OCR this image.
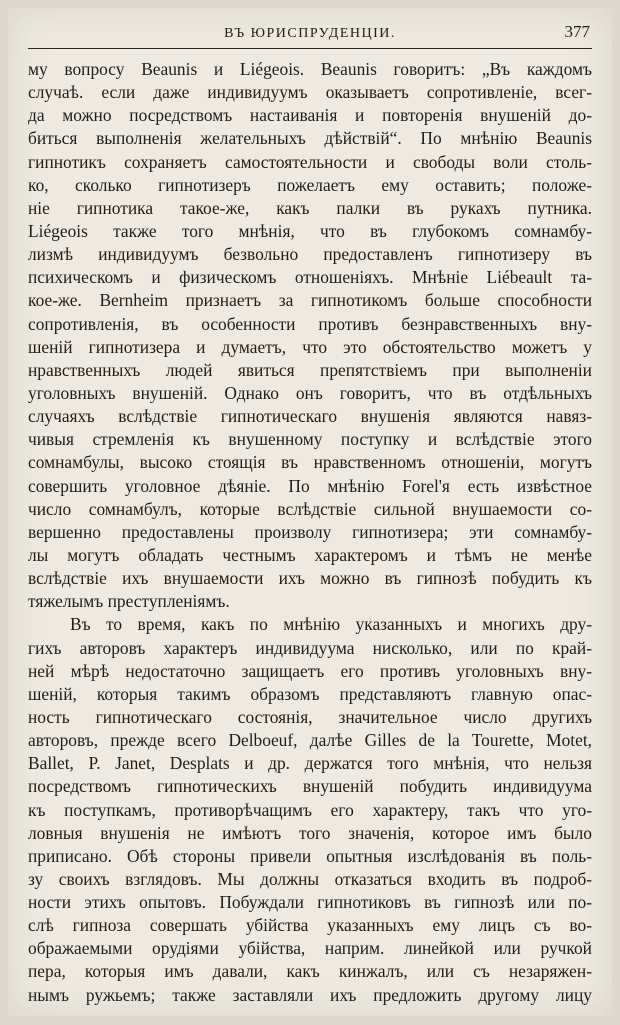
ВЪ ЮРИСПРУДЕНЦІИ.	377
му вопросу Beaunis и Liégeois. Beaunis говоритъ: „Въ каждомъ
случаѣ. если даже индивидуумъ оказываетъ сопротивленіе, всег-
да можно посредствомъ настаиванія и повторенія внушеній до-
биться выполненія желательныхъ дѣйствій“. По мнѣнію Beaunis
гипнотикъ сохраняетъ самостоятельности и свободы воли столь-
ко, сколько гипнотизеръ пожелаетъ ему оставить; положе-
ніе гипнотика такое-же, какъ палки въ рукахъ путника.
Liégeois также того мнѣнія, что въ глубокомъ сомнамбу-
лизмѣ индивидуумъ безвольно предоставленъ гипнотизеру въ
психическомъ и физическомъ отношеніяхъ. Мнѣніе Liébeault та-
кое-же. Bernheim признаетъ за гипнотикомъ больше способности
сопротивленія, въ особенности противъ безнравственныхъ вну-
шеній гипнотизера и думаетъ, что это обстоятельство можетъ у
нравственныхъ людей явиться препятствіемъ при выполненіи
уголовныхъ внушеній. Однако онъ говоритъ, что въ отдѣльныхъ
случаяхъ вслѣдствіе гипнотическаго внушенія являются навяз-
чивыя стремленія къ внушенному поступку и вслѣдствіе этого
сомнамбулы, высоко стоящія въ нравственномъ отношеніи, могутъ
совершить уголовное дѣяніе. По мнѣнію Forel'я есть извѣстное
число сомнамбулъ, которые вслѣдствіе сильной внушаемости со-
вершенно предоставлены произволу гипнотизера; эти сомнамбу-
лы могутъ обладать честнымъ характеромъ и тѣмъ не менѣе
вслѣдствіе ихъ внушаемости ихъ можно въ гипнозѣ побудить къ
тяжелымъ преступленіямъ.
Въ то время, какъ по мнѣнію указанныхъ и многихъ дру-
гихъ авторовъ характеръ индивидуума нисколько, или по край-
ней мѣрѣ недостаточно защищаетъ его противъ уголовныхъ вну-
шеній, которыя такимъ образомъ представляютъ главную опас-
ность гипнотическаго состоянія, значительное число другихъ
авторовъ, прежде всего Delboeuf, далѣе Gilles de la Tourette, Motet,
Ballet, P. Janet, Desplats и др. держатся того мнѣнія, что нельзя
посредствомъ гипнотическихъ внушеній побудить индивидуума
къ поступкамъ, противорѣчащимъ его характеру, такъ что уго-
ловныя внушенія не имѣютъ того значенія, которое имъ было
приписано. Обѣ стороны привели опытныя изслѣдованія въ поль-
зу своихъ взглядовъ. Мы должны отказаться входить въ подроб-
ности этихъ опытовъ. Побуждали гипнотиковъ въ гипнозѣ или по-
слѣ гипноза совершать убійства указанныхъ ему лицъ съ во-
ображаемыми орудіями убійства, наприм. линейкой или ручкой
пера, которыя имъ давали, какъ кинжалъ, или съ незаряжен-
нымъ ружьемъ; также заставляли ихъ предложить другому лицу
